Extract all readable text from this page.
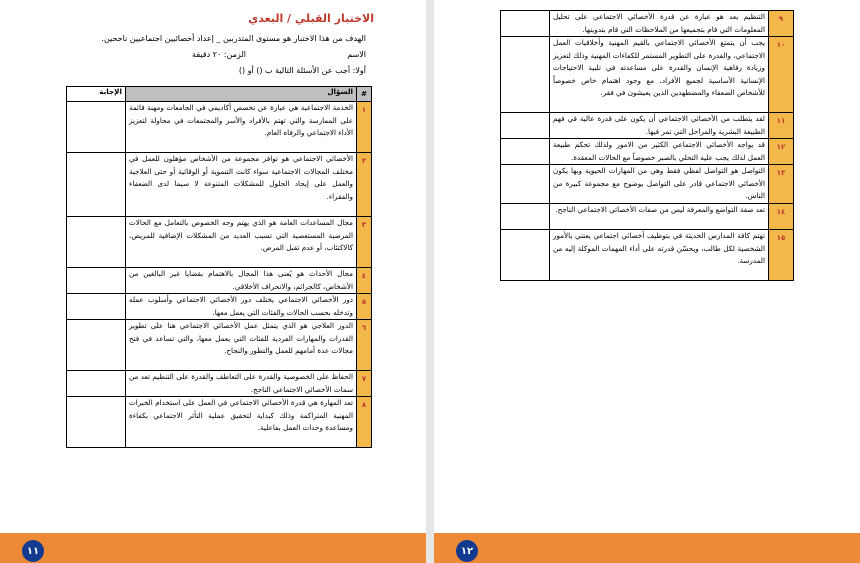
الاختبار القبلي / البعدي
الهدف من هذا الاختبار هو مستوى المتدربين _ إعداد أخصائيين اجتماعيين ناجحين.
الاسم
الزمن: ٢٠ دقيقة
أولا: أجب عن الأسئلة التالية ب () أو ()
#	السؤال	الإجابة
١	الخدمة الاجتماعية هي عبارة عن تخصص أكاديمي في الجامعات ومهنة قائمة على الممارسة والتي تهتم بالأفراد والأسر والمجتمعات في محاولة لتعزيز الأداء الاجتماعي والرفاه العام.	
٢	الأخصائي الاجتماعي هو توافر مجموعة من الأشخاص مؤهلون للعمل في مختلف المجالات الاجتماعية سواء كانت التنموية أو الوقائية أو حتى العلاجية والعمل على إيجاد الحلول للمشكلات المتنوعة لا سيما لدى الضعفاء والفقراء.	
٣	مجال المساعدات العامة هو الذي يهتم وجه الخصوص بالتعامل مع الحالات المرضية المستعصية التي تسبب العديد من المشكلات الإضافية للمريض، كالاكتئاب، أو عدم تقبل المرض.	
٤	مجال الأحداث هو يُعنى هذا المجال بالاهتمام بقضايا غير البالغين من الأشخاص، كالجرائم، والانحراف الأخلاقي.	
٥	دور الأخصائي الاجتماعي يختلف دور الأخصائي الاجتماعي وأسلوب عمله وتدخله بحسب الحالات والفئات التي يعمل معها.	
٦	الدور العلاجي هو الذي يتمثل عمل الأخصائي الاجتماعي هنا على تطوير القدرات والمهارات الفردية للفئات التي يعمل معها، والتي تساعد في فتح مجالات عدة أمامهم للعمل والتطور والنجاح.	
٧	الحفاظ على الخصوصية والقدرة على التعاطف والقدرة على التنظيم تعد من سمات الأخصائي الاجتماعي الناجح.	
٨	تعد المهارة هي قدرة الأخصائي الاجتماعي في العمل على استخدام الخبرات المهنية المتراكمة وذلك كبداية لتحقيق عملية التأثر الاجتماعي بكفاءة ومساعدة وحدات العمل بفاعلية.	
١١
٩	التنظيم يعد هو عبارة عن قدرة الأخصائي الاجتماعي على تحليل المعلومات التي قام بتجميعها من الملاحظات التي قام بتدوينها.	
١٠	يجب أن يتمتع الأخصائي الاجتماعي بالقيم المهنية وأخلاقيات العمل الاجتماعي، والقدرة على التطوير المستمر للكفاءات المهنية وذلك لتعزيز وزيادة رفاهية الإنسان والقدرة على مساعدته في تلبية الاحتياجات الإنسانية الأساسية لجميع الأفراد، مع وجود اهتمام خاص خصوصاً للأشخاص الضعفاء والمضطهدين الذين يعيشون في فقر.	
١١	لقد يتطلب من الأخصائي الاجتماعي أن يكون على قدرة عالية في فهم الطبيعة البشرية والمراحل التي تمر فيها.	
١٢	قد يواجه الأخصائي الاجتماعي الكثير من الامور ولذلك تحكم طبيعة العمل لذلك يجب عليه التحلي بالصبر خصوصاً مع الحالات المعقدة.	
١٣	التواصل هو التواصل لفظي فقط وهي من المهارات الحيوية وبها يكون الأخصائي الاجتماعي قادر على التواصل بوضوح مع مجموعة كبيرة من الناس.	
١٤	تعد صفة التواضع والمعرفة ليس من صفات الأخصائي الاجتماعي الناجح.	
١٥	تهتم كافة المدارس الحديثة في بتوظيف أخصائي اجتماعي يعتني بالأمور الشخصية لكل طالب، ويحسّن قدرته على أداء المهمات الموكلة إليه من المدرسة.	
١٢
